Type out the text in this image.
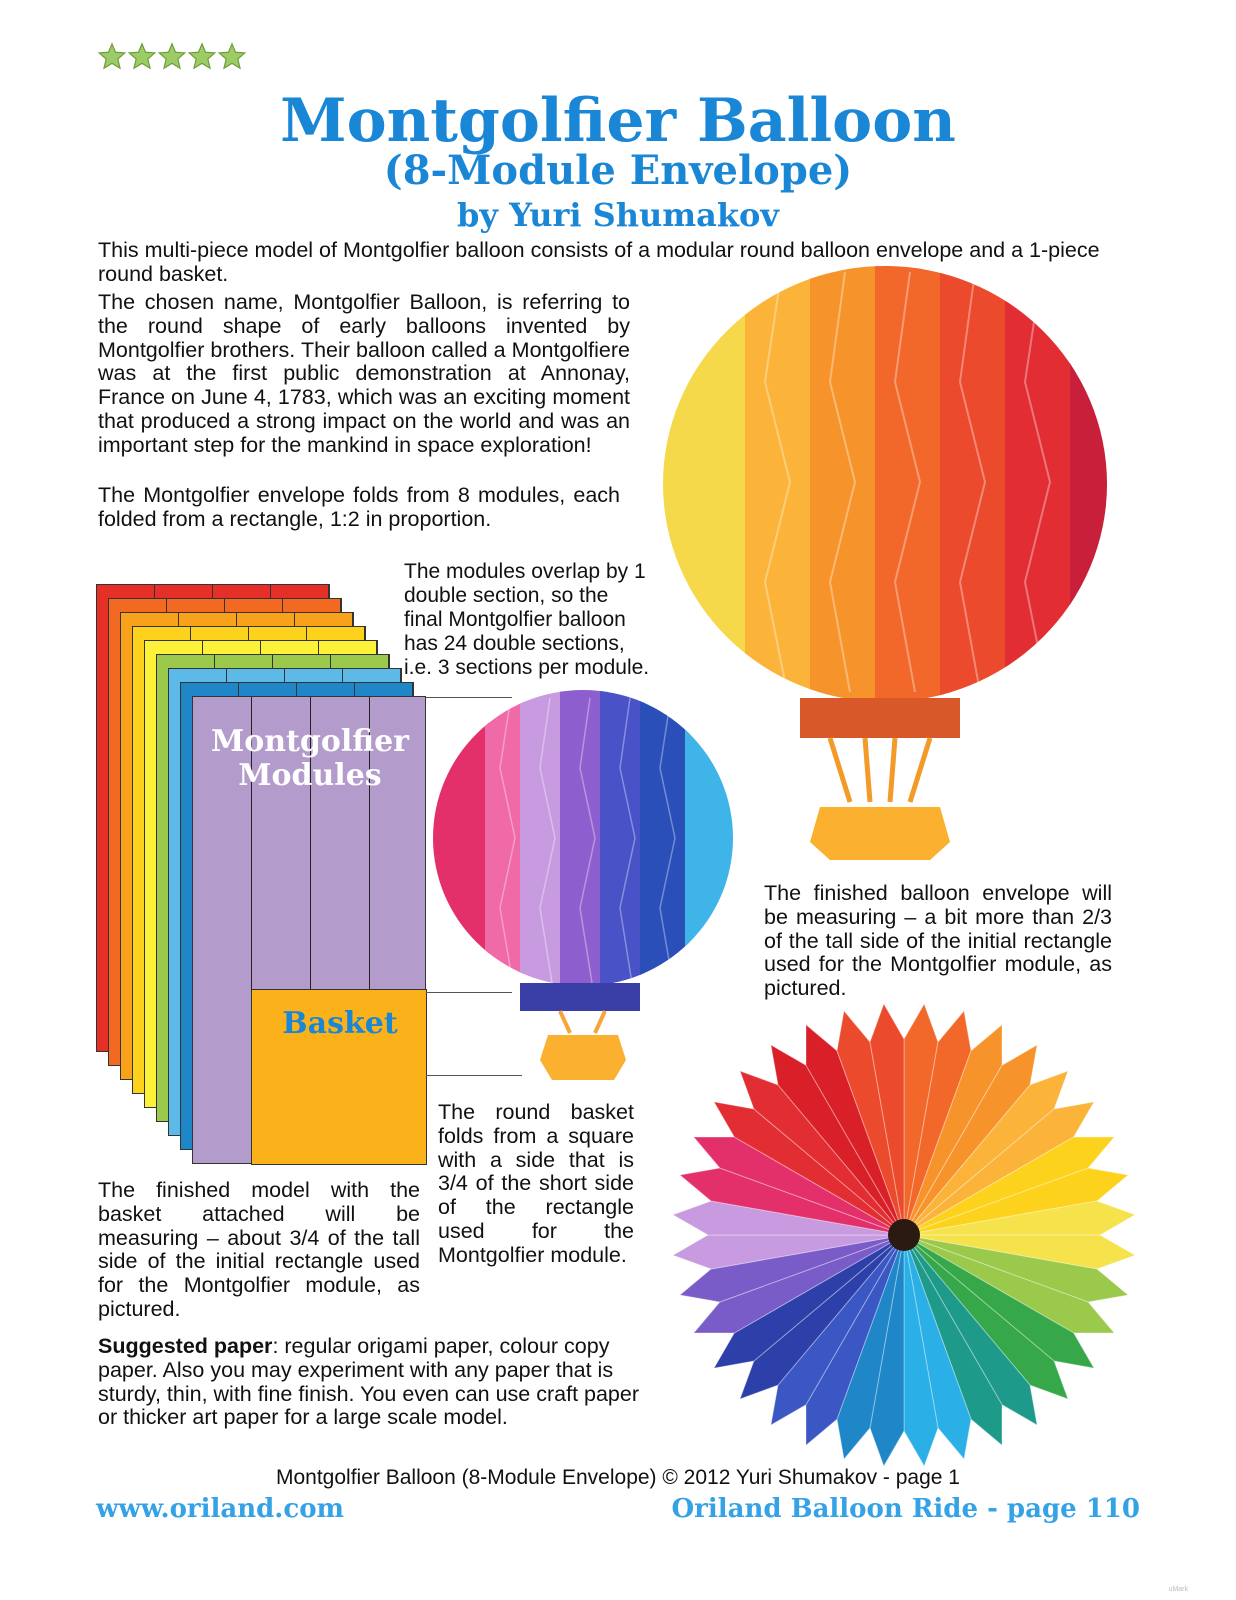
Montgolfier Balloon
(8-Module Envelope)
by Yuri Shumakov
This multi-piece model of Montgolfier balloon consists of a modular round balloon envelope and a 1-piece round basket.
The chosen name, Montgolfier Balloon, is referring to the round shape of early balloons invented by Montgolfier brothers. Their balloon called a Montgolfiere was at the first public demonstration at Annonay, France on June 4, 1783, which was an exciting moment that produced a strong impact on the world and was an important step for the mankind in space exploration!
The Montgolfier envelope folds from 8 modules, each folded from a rectangle, 1:2 in proportion.
The modules overlap by 1 double section, so the final Montgolfier balloon has 24 double sections, i.e. 3 sections per module.
Montgolfier
Modules
Basket
The finished balloon envelope will be measuring – a bit more than 2/3 of the tall side of the initial rectangle used for the Montgolfier module, as pictured.
The round basket folds from a square with a side that is 3/4 of the short side of the rectangle used for the Montgolfier module.
The finished model with the basket attached will be measuring – about 3/4 of the tall side of the initial rectangle used for the Montgolfier module, as pictured.
Suggested paper: regular origami paper, colour copy paper. Also you may experiment with any paper that is sturdy, thin, with fine finish. You even can use craft paper or thicker art paper for a large scale model.
Montgolfier Balloon (8-Module Envelope) © 2012 Yuri Shumakov - page 1
www.oriland.com	Oriland Balloon Ride - page 110
uMark
